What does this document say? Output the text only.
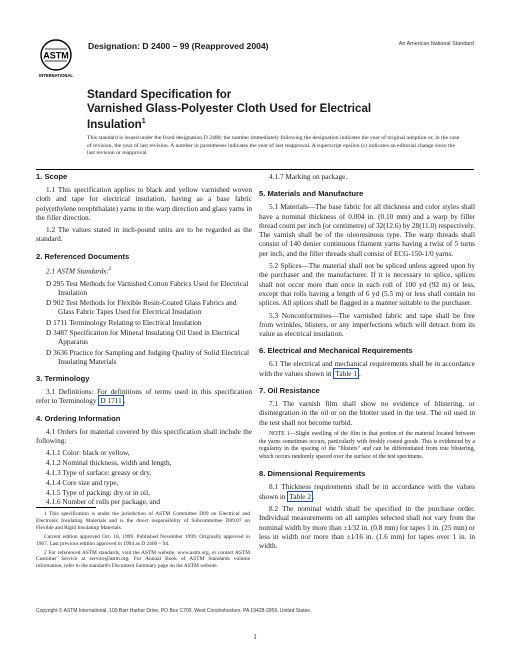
ASTM
INTERNATIONAL
Designation: D 2400 – 99 (Reapproved 2004)	An American National Standard
Standard Specification for
Varnished Glass-Polyester Cloth Used for Electrical
Insulation$^1$
This standard is issued under the fixed designation D 2400; the number immediately following the designation indicates the year of original adoption or, in the case of revision, the year of last revision. A number in parentheses indicates the year of last reapproval. A superscript epsilon (ε) indicates an editorial change since the last revision or reapproval.
1. Scope

1.1 This specification applies to black and yellow varnished woven cloth and tape for electrical insulation, having as a base fabric poly(ethylene terephthalate) yarns in the warp direction and glass yarns in the filler direction.

1.2 The values stated in inch-pound units are to be regarded as the standard.

2. Referenced Documents

2.1 ASTM Standards:$^2$

D 295 Test Methods for Varnished Cotton Fabrics Used for Electrical Insulation

D 902 Test Methods for Flexible Resin-Coated Glass Fabrics and Glass Fabric Tapes Used for Electrical Insulation

D 1711 Terminology Relating to Electrical Insulation

D 3487 Specification for Mineral Insulating Oil Used in Electrical Apparatus

D 3636 Practice for Sampling and Judging Quality of Solid Electrical Insulating Materials

3. Terminology

3.1 Definitions: For definitions of terms used in this specification refer to Terminology D 1711 .

4. Ordering Information

4.1 Orders for material covered by this specification shall include the following:

4.1.1 Color: black or yellow,

4.1.2 Nominal thickness, width and length,

4.1.3 Type of surface: greasy or dry,

4.1.4 Core size and type,

4.1.5 Type of packing: dry or in oil,

4.1.6 Number of rolls per package, and

4.1.7 Marking on package.

5. Materials and Manufacture

5.1 Materials—The base fabric for all thickness and color styles shall have a nominal thickness of 0.004 in. (0.10 mm) and a warp by filler thread count per inch (or centimetre) of 32(12.6) by 28(11.0) respectively. The varnish shall be of the oleoresinous type. The warp threads shall consist of 140 denier continuous filament yarns having a twist of 5 turns per inch, and the filler threads shall consist of ECG-150-1/0 yarns.

5.2 Splices—The material shall not be spliced unless agreed upon by the purchaser and the manufacturer. If it is necessary to splice, splices shall not occur more than once in each roll of 100 yd (92 m) or less, except that rolls having a length of 6 yd (5.5 m) or less shall contain no splices. All splices shall be flagged in a manner suitable to the purchaser.

5.3 Nonconformities—The varnished fabric and tape shall be free from wrinkles, blisters, or any imperfections which will detract from its value as electrical insulation.

6. Electrical and Mechanical Requirements

6.1 The electrical and mechanical requirements shall be in accordance with the values shown in Table 1 .

7. Oil Resistance

7.1 The varnish film shall show no evidence of blistering, or disintegration in the oil or on the blotter used in the test. The oil used in the test shall not become turbid.

NOTE 1—Slight swelling of the film in that portion of the material located between the yarns sometimes occurs, particularly with freshly coated goods. This is evidenced by a regularity in the spacing of the "blisters" and can be differentiated from true blistering, which occurs randomly spaced over the surface of the test specimens.

8. Dimensional Requirements

8.1 Thickness requirements shall be in accordance with the values shown in Table 2 .

8.2 The nominal width shall be specified in the purchase order. Individual measurements on all samples selected shall not vary from the nominal width by more than ±1⁄32 in. (0.8 mm) for tapes 1 in. (25 mm) or less in width nor more than ±1⁄16 in. (1.6 mm) for tapes over 1 in. in width.

1 This specification is under the jurisdiction of ASTM Committee D09 on Electrical and Electronic Insulating Materials and is the direct responsibility of Subcommittee D09.07 on Flexible and Rigid Insulating Materials.

Current edition approved Oct. 10, 1999. Published November 1999. Originally approved in 1967. Last previous edition approved in 1994 as D 2400 – 94.

2 For referenced ASTM standards, visit the ASTM website, www.astm.org, or contact ASTM Customer Service at service@astm.org. For Annual Book of ASTM Standards volume information, refer to the standard's Document Summary page on the ASTM website.

Copyright © ASTM International, 100 Barr Harbor Drive, PO Box C700, West Conshohocken, PA 19428-2959, United States.
1
